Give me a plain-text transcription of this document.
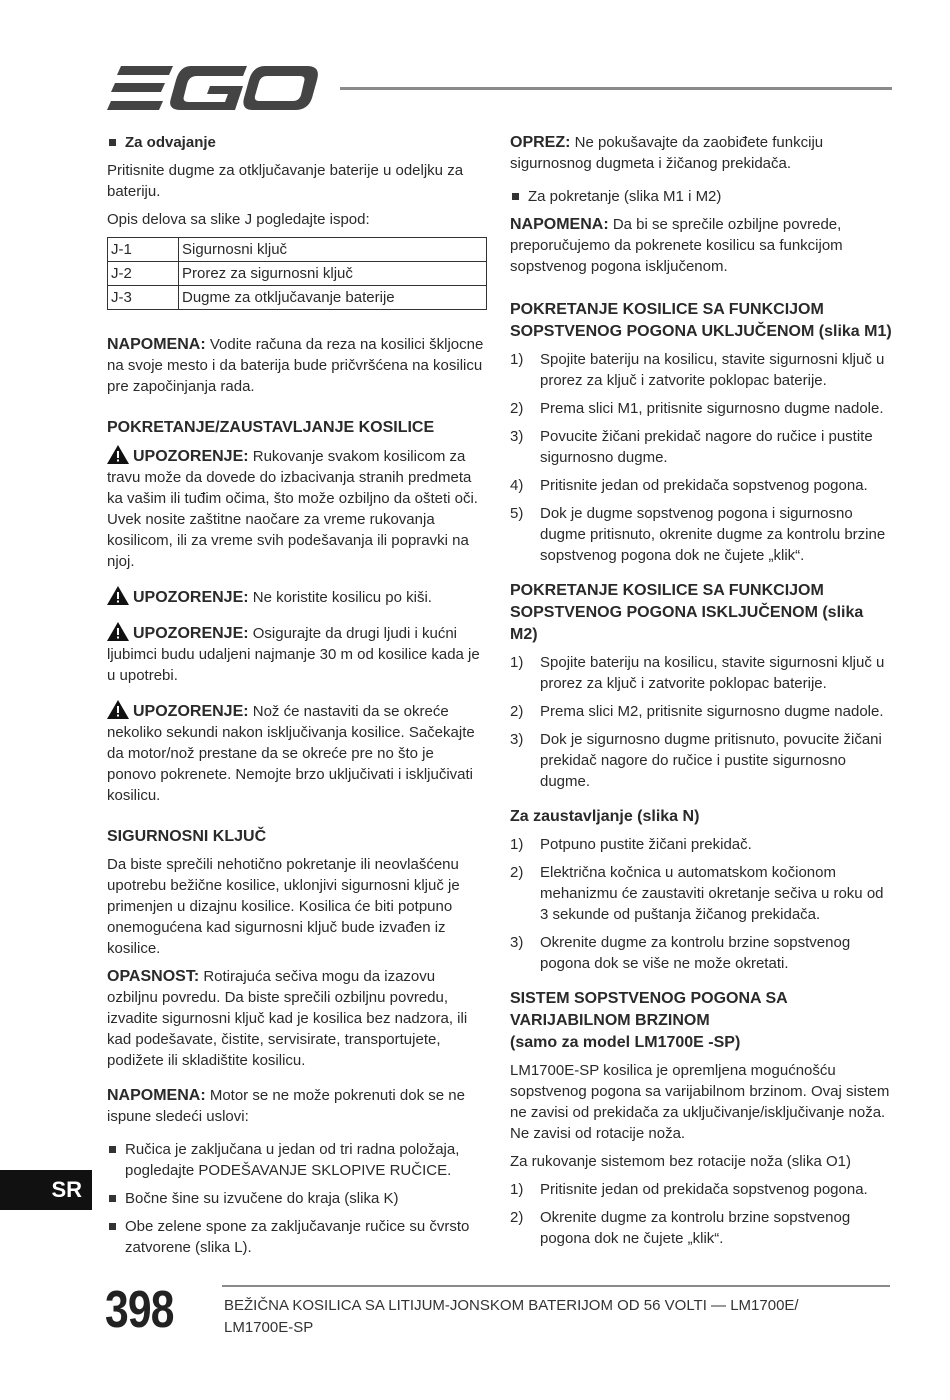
Za odvajanje

Pritisnite dugme za otključavanje baterije u odeljku za bateriju.

Opis delova sa slike J pogledajte ispod:

J-1	Sigurnosni ključ
J-2	Prorez za sigurnosni ključ
J-3	Dugme za otključavanje baterije

NAPOMENA: Vodite računa da reza na kosilici škljocne na svoje mesto i da baterija bude pričvršćena na kosilicu pre započinjanja rada.

POKRETANJE/ZAUSTAVLJANJE KOSILICE

UPOZORENJE: Rukovanje svakom kosilicom za travu može da dovede do izbacivanja stranih predmeta ka vašim ili tuđim očima, što može ozbiljno da ošteti oči. Uvek nosite zaštitne naočare za vreme rukovanja kosilicom, ili za vreme svih podešavanja ili popravki na njoj.

UPOZORENJE: Ne koristite kosilicu po kiši.

UPOZORENJE: Osigurajte da drugi ljudi i kućni ljubimci budu udaljeni najmanje 30 m od kosilice kada je u upotrebi.

UPOZORENJE: Nož će nastaviti da se okreće nekoliko sekundi nakon isključivanja kosilice. Sačekajte da motor/nož prestane da se okreće pre no što je ponovo pokrenete. Nemojte brzo uključivati i isključivati kosilicu.

SIGURNOSNI KLJUČ

Da biste sprečili nehotično pokretanje ili neovlašćenu upotrebu bežične kosilice, uklonjivi sigurnosni ključ je primenjen u dizajnu kosilice. Kosilica će biti potpuno onemogućena kad sigurnosni ključ bude izvađen iz kosilice.

OPASNOST: Rotirajuća sečiva mogu da izazovu ozbiljnu povredu. Da biste sprečili ozbiljnu povredu, izvadite sigurnosni ključ kad je kosilica bez nadzora, ili kad podešavate, čistite, servisirate, transportujete, podižete ili skladištite kosilicu.

NAPOMENA: Motor se ne može pokrenuti dok se ne ispune sledeći uslovi:

Ručica je zaključana u jedan od tri radna položaja, pogledajte PODEŠAVANJE SKLOPIVE RUČICE.
Bočne šine su izvučene do kraja (slika K)
Obe zelene spone za zaključavanje ručice su čvrsto zatvorene (slika L).

OPREZ: Ne pokušavajte da zaobiđete funkciju sigurnosnog dugmeta i žičanog prekidača.

Za pokretanje (slika M1 i M2)

NAPOMENA: Da bi se sprečile ozbiljne povrede, preporučujemo da pokrenete kosilicu sa funkcijom sopstvenog pogona isključenom.

POKRETANJE KOSILICE SA FUNKCIJOM SOPSTVENOG POGONA UKLJUČENOM (slika M1)
1) Spojite bateriju na kosilicu, stavite sigurnosni ključ u prorez za ključ i zatvorite poklopac baterije.
2) Prema slici M1, pritisnite sigurnosno dugme nadole.
3) Povucite žičani prekidač nagore do ručice i pustite sigurnosno dugme.
4) Pritisnite jedan od prekidača sopstvenog pogona.
5) Dok je dugme sopstvenog pogona i sigurnosno dugme pritisnuto, okrenite dugme za kontrolu brzine sopstvenog pogona dok ne čujete „klik“.
POKRETANJE KOSILICE SA FUNKCIJOM SOPSTVENOG POGONA ISKLJUČENOM (slika M2)
1) Spojite bateriju na kosilicu, stavite sigurnosni ključ u prorez za ključ i zatvorite poklopac baterije.
2) Prema slici M2, pritisnite sigurnosno dugme nadole.
3) Dok je sigurnosno dugme pritisnuto, povucite žičani prekidač nagore do ručice i pustite sigurnosno dugme.
Za zaustavljanje (slika N)
1) Potpuno pustite žičani prekidač.
2) Električna kočnica u automatskom kočionom mehanizmu će zaustaviti okretanje sečiva u roku od 3 sekunde od puštanja žičanog prekidača.
3) Okrenite dugme za kontrolu brzine sopstvenog pogona dok se više ne može okretati.
SISTEM SOPSTVENOG POGONA SA
VARIJABILNOM BRZINOM
(samo za model LM1700E -SP)

LM1700E-SP kosilica je opremljena mogućnošću sopstvenog pogona sa varijabilnom brzinom. Ovaj sistem ne zavisi od prekidača za uključivanje/isključivanje noža. Ne zavisi od rotacije noža.

Za rukovanje sistemom bez rotacije noža (slika O1)

1) Pritisnite jedan od prekidača sopstvenog pogona.
2) Okrenite dugme za kontrolu brzine sopstvenog pogona dok ne čujete „klik“.
SR
398	BEŽIČNA KOSILICA SA LITIJUM-JONSKOM BATERIJOM OD 56 VOLTI — LM1700E/ LM1700E-SP
